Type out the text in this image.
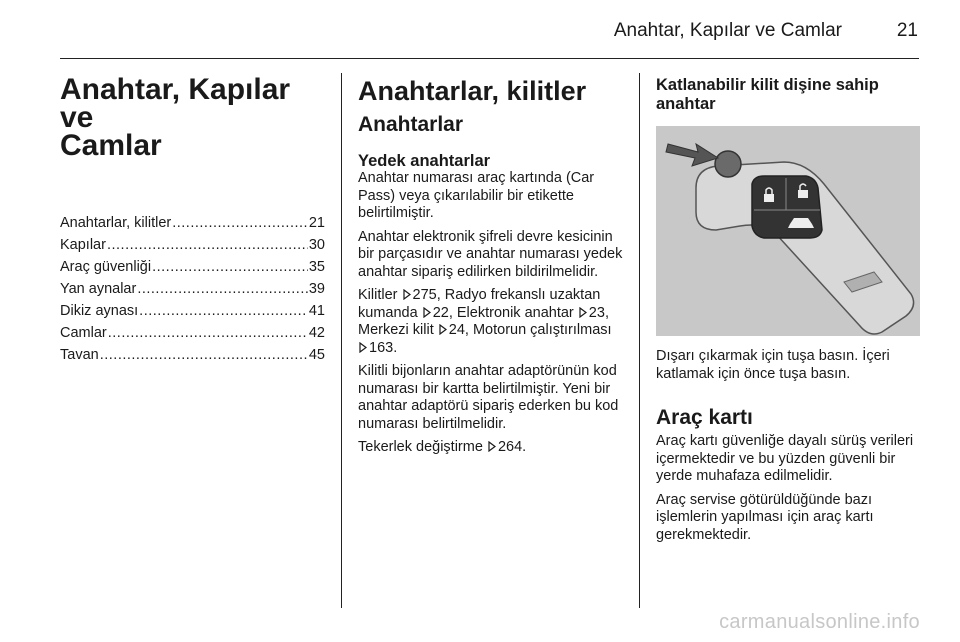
Anahtar, Kapılar ve Camlar	21
Anahtar, Kapılar ve
Camlar
Anahtarlar, kilitler .....	21
Kapılar .....	30
Araç güvenliği .....	35
Yan aynalar .....	39
Dikiz aynası .....	41
Camlar .....	42
Tavan .....	45
Anahtarlar, kilitler
Anahtarlar
Yedek anahtarlar

Anahtar numarası araç kartında (Car Pass) veya çıkarılabilir bir etikette belirtilmiştir.

Anahtar elektronik şifreli devre kesicinin bir parçasıdır ve anahtar numarası yedek anahtar sipariş edilirken bildirilmelidir.

Kilitler 275, Radyo frekanslı uzaktan kumanda 22, Elektronik anahtar 23, Merkezi kilit 24, Motorun çalıştırılması
163.

Kilitli bijonların anahtar adaptörünün kod numarası bir kartta belirtilmiştir. Yeni bir anahtar adaptörü sipariş ederken bu kod numarası belirtilmelidir.

Tekerlek değiştirme 264.

Katlanabilir kilit dişine sahip
anahtar

Dışarı çıkarmak için tuşa basın. İçeri katlamak için önce tuşa basın.

Araç kartı

Araç kartı güvenliğe dayalı sürüş verileri içermektedir ve bu yüzden güvenli bir yerde muhafaza edilmelidir.

Araç servise götürüldüğünde bazı işlemlerin yapılması için araç kartı gerekmektedir.

carmanualsonline.info
